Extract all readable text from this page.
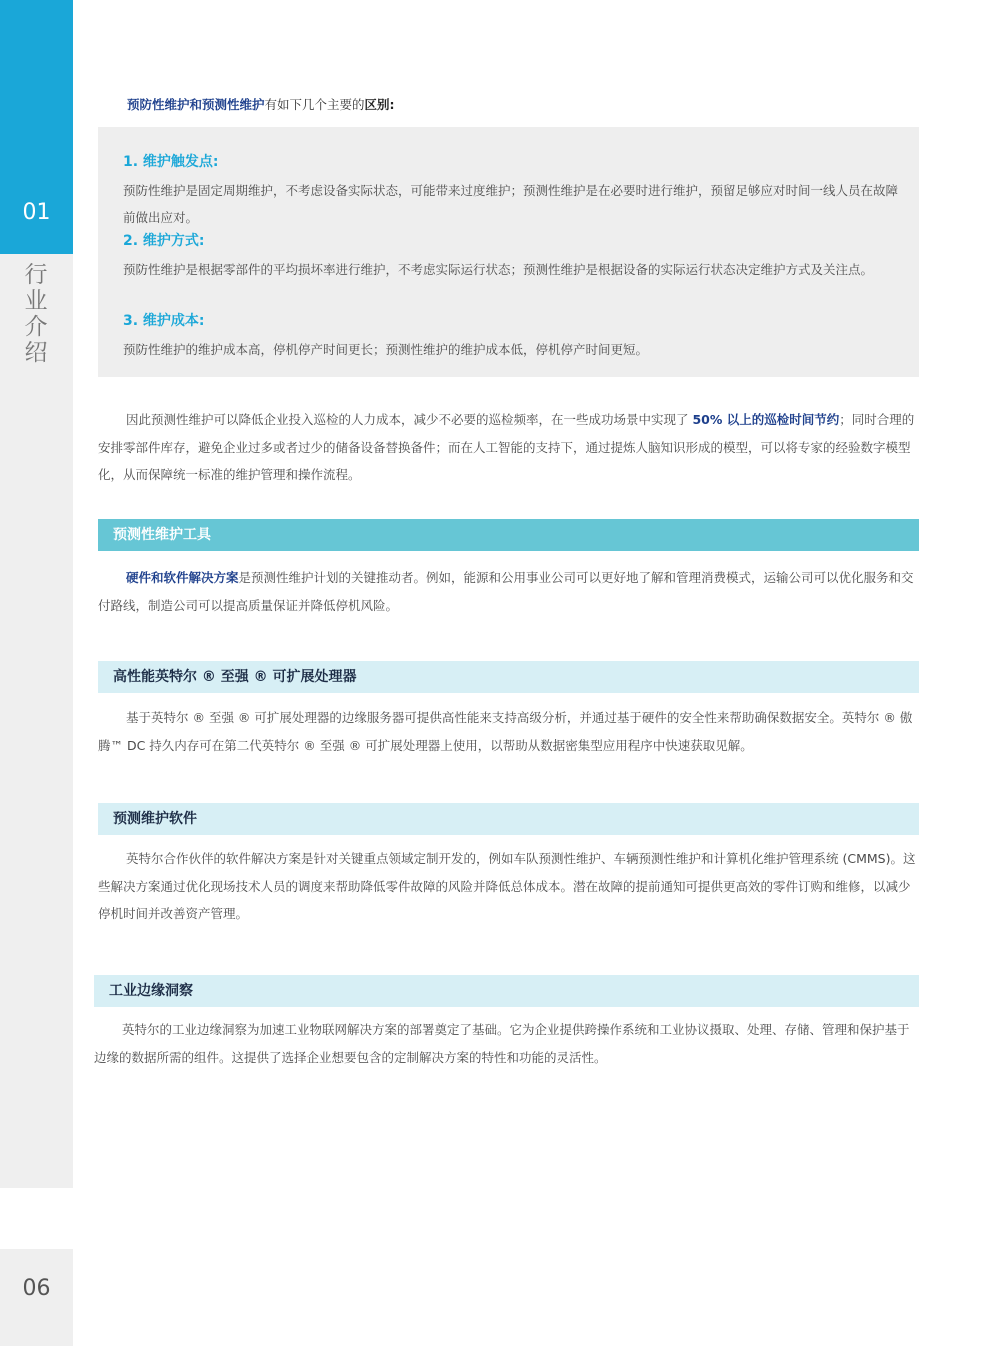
01
行业介绍
06
预防性维护和预测性维护有如下几个主要的区别:
1. 维护触发点:
预防性维护是固定周期维护，不考虑设备实际状态，可能带来过度维护；预测性维护是在必要时进行维护，预留足够应对时间一线人员在故障前做出应对。
2. 维护方式:
预防性维护是根据零部件的平均损坏率进行维护，不考虑实际运行状态；预测性维护是根据设备的实际运行状态决定维护方式及关注点。
3. 维护成本:
预防性维护的维护成本高，停机停产时间更长；预测性维护的维护成本低，停机停产时间更短。
因此预测性维护可以降低企业投入巡检的人力成本，减少不必要的巡检频率，在一些成功场景中实现了 50% 以上的巡检时间节约；同时合理的安排零部件库存，避免企业过多或者过少的储备设备替换备件；而在人工智能的支持下，通过提炼人脑知识形成的模型，可以将专家的经验数字模型化，从而保障统一标准的维护管理和操作流程。
预测性维护工具
硬件和软件解决方案是预测性维护计划的关键推动者。例如，能源和公用事业公司可以更好地了解和管理消费模式，运输公司可以优化服务和交付路线，制造公司可以提高质量保证并降低停机风险。
高性能英特尔 ® 至强 ® 可扩展处理器
基于英特尔 ® 至强 ® 可扩展处理器的边缘服务器可提供高性能来支持高级分析，并通过基于硬件的安全性来帮助确保数据安全。英特尔 ® 傲腾™ DC 持久内存可在第二代英特尔 ® 至强 ® 可扩展处理器上使用，以帮助从数据密集型应用程序中快速获取见解。
预测维护软件
英特尔合作伙伴的软件解决方案是针对关键重点领域定制开发的，例如车队预测性维护、车辆预测性维护和计算机化维护管理系统 (CMMS)。这些解决方案通过优化现场技术人员的调度来帮助降低零件故障的风险并降低总体成本。潜在故障的提前通知可提供更高效的零件订购和维修，以减少停机时间并改善资产管理。
工业边缘洞察
英特尔的工业边缘洞察为加速工业物联网解决方案的部署奠定了基础。它为企业提供跨操作系统和工业协议摄取、处理、存储、管理和保护基于边缘的数据所需的组件。这提供了选择企业想要包含的定制解决方案的特性和功能的灵活性。
